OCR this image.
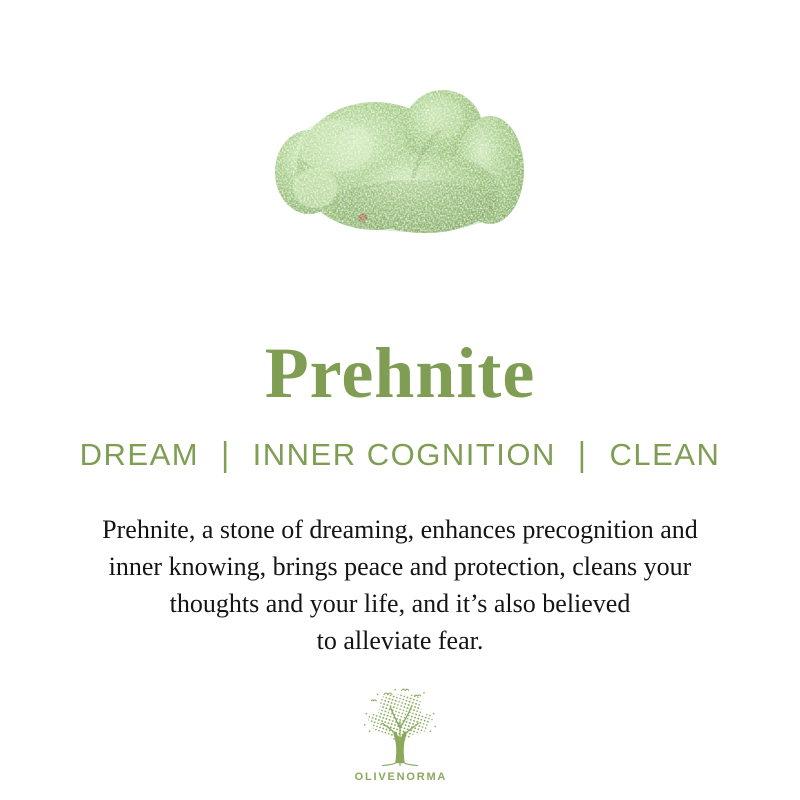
Prehnite
DREAM | INNER COGNITION | CLEAN

Prehnite, a stone of dreaming, enhances precognition and
inner knowing, brings peace and protection, cleans your
thoughts and your life, and it’s also believed
to alleviate fear.

OLIVENORMA
